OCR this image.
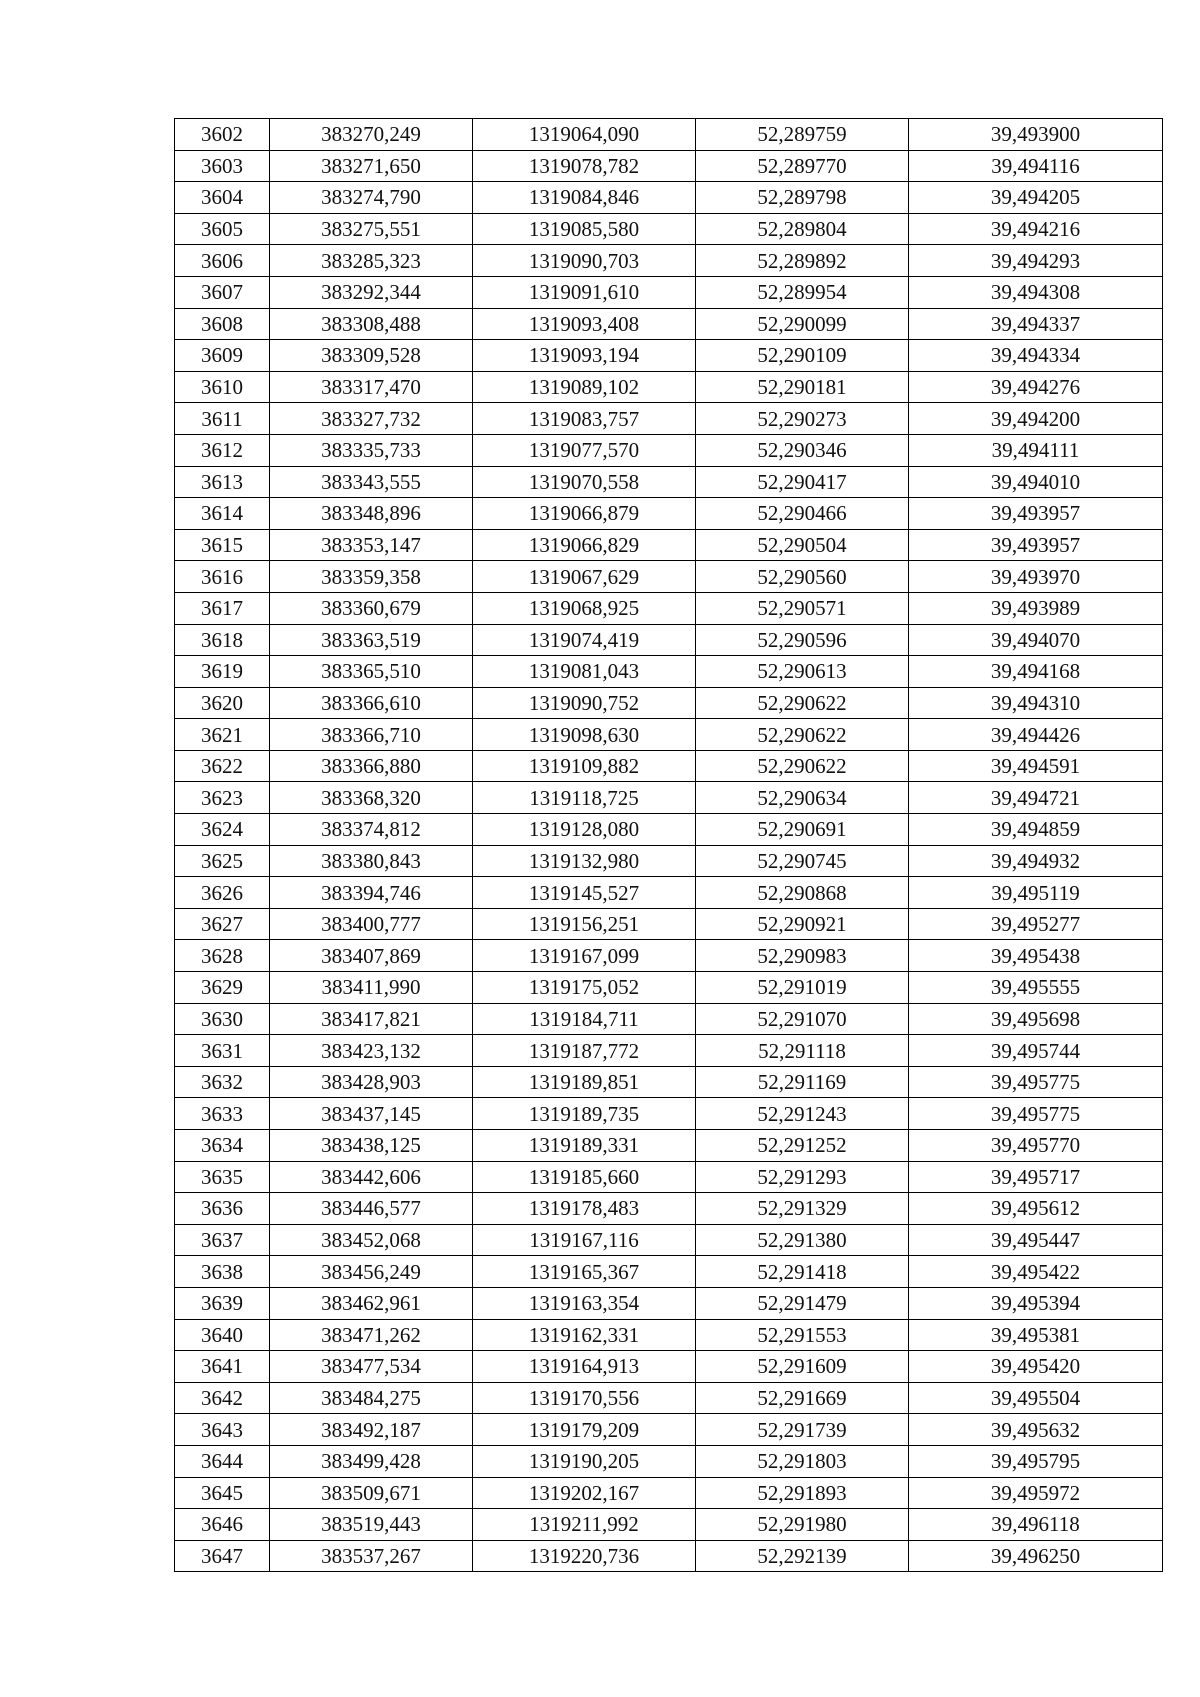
3602	383270,249	1319064,090	52,289759	39,493900
3603	383271,650	1319078,782	52,289770	39,494116
3604	383274,790	1319084,846	52,289798	39,494205
3605	383275,551	1319085,580	52,289804	39,494216
3606	383285,323	1319090,703	52,289892	39,494293
3607	383292,344	1319091,610	52,289954	39,494308
3608	383308,488	1319093,408	52,290099	39,494337
3609	383309,528	1319093,194	52,290109	39,494334
3610	383317,470	1319089,102	52,290181	39,494276
3611	383327,732	1319083,757	52,290273	39,494200
3612	383335,733	1319077,570	52,290346	39,494111
3613	383343,555	1319070,558	52,290417	39,494010
3614	383348,896	1319066,879	52,290466	39,493957
3615	383353,147	1319066,829	52,290504	39,493957
3616	383359,358	1319067,629	52,290560	39,493970
3617	383360,679	1319068,925	52,290571	39,493989
3618	383363,519	1319074,419	52,290596	39,494070
3619	383365,510	1319081,043	52,290613	39,494168
3620	383366,610	1319090,752	52,290622	39,494310
3621	383366,710	1319098,630	52,290622	39,494426
3622	383366,880	1319109,882	52,290622	39,494591
3623	383368,320	1319118,725	52,290634	39,494721
3624	383374,812	1319128,080	52,290691	39,494859
3625	383380,843	1319132,980	52,290745	39,494932
3626	383394,746	1319145,527	52,290868	39,495119
3627	383400,777	1319156,251	52,290921	39,495277
3628	383407,869	1319167,099	52,290983	39,495438
3629	383411,990	1319175,052	52,291019	39,495555
3630	383417,821	1319184,711	52,291070	39,495698
3631	383423,132	1319187,772	52,291118	39,495744
3632	383428,903	1319189,851	52,291169	39,495775
3633	383437,145	1319189,735	52,291243	39,495775
3634	383438,125	1319189,331	52,291252	39,495770
3635	383442,606	1319185,660	52,291293	39,495717
3636	383446,577	1319178,483	52,291329	39,495612
3637	383452,068	1319167,116	52,291380	39,495447
3638	383456,249	1319165,367	52,291418	39,495422
3639	383462,961	1319163,354	52,291479	39,495394
3640	383471,262	1319162,331	52,291553	39,495381
3641	383477,534	1319164,913	52,291609	39,495420
3642	383484,275	1319170,556	52,291669	39,495504
3643	383492,187	1319179,209	52,291739	39,495632
3644	383499,428	1319190,205	52,291803	39,495795
3645	383509,671	1319202,167	52,291893	39,495972
3646	383519,443	1319211,992	52,291980	39,496118
3647	383537,267	1319220,736	52,292139	39,496250
